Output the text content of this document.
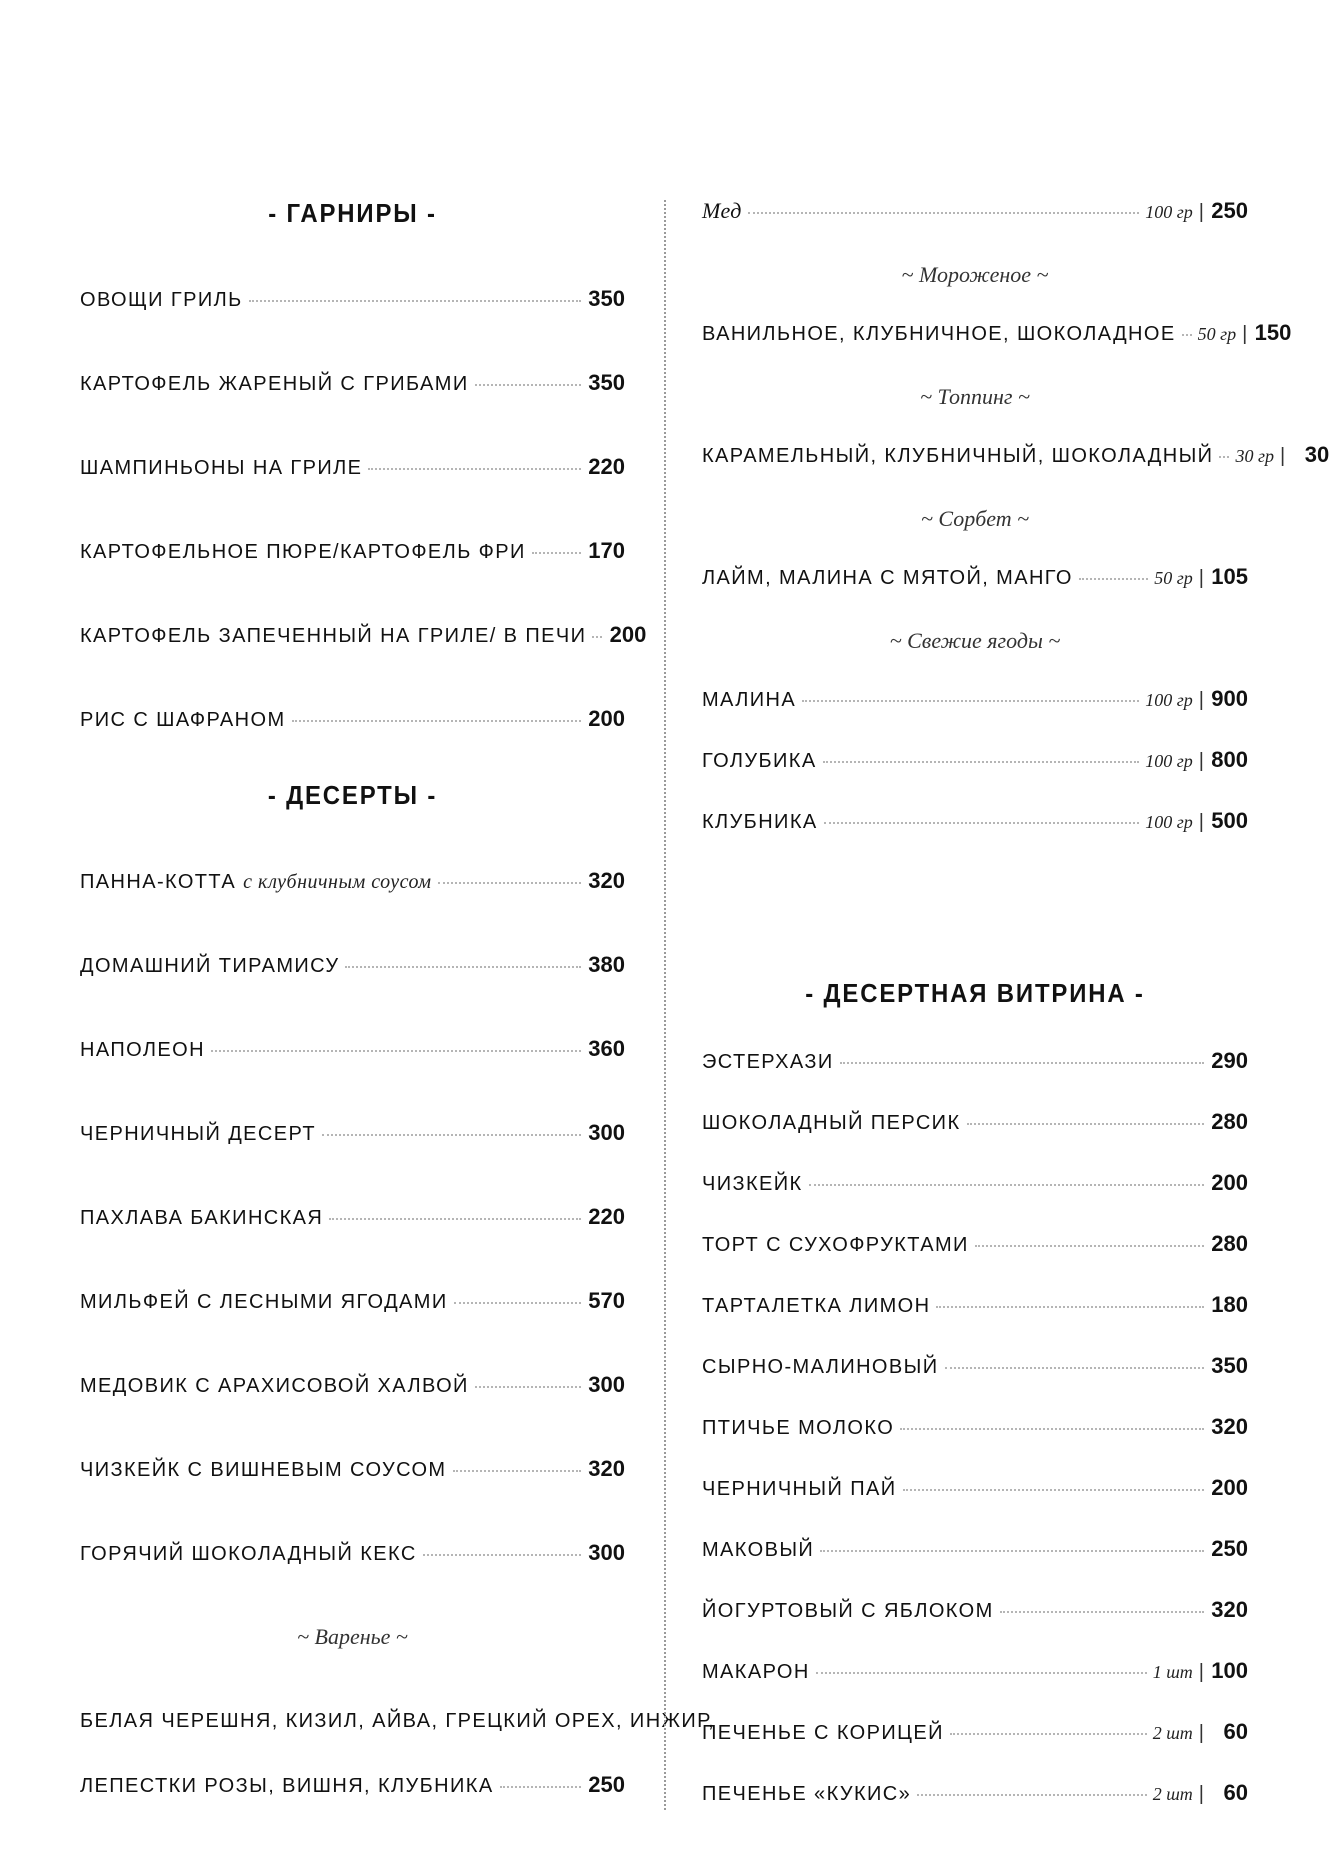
- ГАРНИРЫ -
ОВОЩИ ГРИЛЬ	350
КАРТОФЕЛЬ ЖАРЕНЫЙ С ГРИБАМИ	350
ШАМПИНЬОНЫ НА ГРИЛЕ	220
КАРТОФЕЛЬНОЕ ПЮРЕ/КАРТОФЕЛЬ ФРИ	170
КАРТОФЕЛЬ ЗАПЕЧЕННЫЙ НА ГРИЛЕ/ В ПЕЧИ 200
РИС С ШАФРАНОМ	200
- ДЕСЕРТЫ -
ПАННА-КОТТА с клубничным соусом	320
ДОМАШНИЙ ТИРАМИСУ	380
НАПОЛЕОН	360
ЧЕРНИЧНЫЙ ДЕСЕРТ	300
ПАХЛАВА БАКИНСКАЯ	220
МИЛЬФЕЙ С ЛЕСНЫМИ ЯГОДАМИ	570
МЕДОВИК С АРАХИСОВОЙ ХАЛВОЙ	300
ЧИЗКЕЙК С ВИШНЕВЫМ СОУСОМ	320
ГОРЯЧИЙ ШОКОЛАДНЫЙ КЕКС	300
~ Варенье ~
БЕЛАЯ ЧЕРЕШНЯ, КИЗИЛ, АЙВА, ГРЕЦКИЙ ОРЕХ, ИНЖИР,
ЛЕПЕСТКИ РОЗЫ, ВИШНЯ, КЛУБНИКА	250
Мед	100 гр | 250
~ Мороженое ~
ВАНИЛЬНОЕ, КЛУБНИЧНОЕ, ШОКОЛАДНОЕ 50 гр | 150
~ Топпинг ~
КАРАМЕЛЬНЫЙ, КЛУБНИЧНЫЙ, ШОКОЛАДНЫЙ 30 гр | 30
~ Сорбет ~
ЛАЙМ, МАЛИНА С МЯТОЙ, МАНГО	50 гр | 105
~ Свежие ягоды ~
МАЛИНА	100 гр | 900
ГОЛУБИКА	100 гр | 800
КЛУБНИКА	100 гр | 500
- ДЕСЕРТНАЯ ВИТРИНА -
ЭСТЕРХАЗИ	290
ШОКОЛАДНЫЙ ПЕРСИК	280
ЧИЗКЕЙК	200
ТОРТ С СУХОФРУКТАМИ	280
ТАРТАЛЕТКА ЛИМОН	180
СЫРНО-МАЛИНОВЫЙ	350
ПТИЧЬЕ МОЛОКО	320
ЧЕРНИЧНЫЙ ПАЙ	200
МАКОВЫЙ	250
ЙОГУРТОВЫЙ С ЯБЛОКОМ	320
МАКАРОН	1 шт | 100
ПЕЧЕНЬЕ С КОРИЦЕЙ	2 шт | 60
ПЕЧЕНЬЕ «КУКИС»	2 шт | 60
